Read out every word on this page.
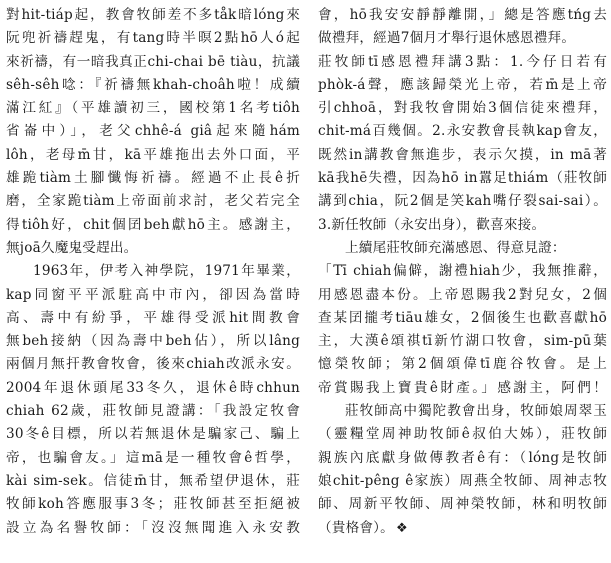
對hit-tiáp起，教會牧師差不多tåk暗lóng來
阮兜祈禱趕鬼，有tang時半暝2點hō人ó起
來祈禱，有一暗我真正chi-chai bē tiàu，抗議
sêh-sêh唸：『祈禱無khah-choâh啦！成續
滿江紅』（平雄讀初三，國校第1名考tiôh
省崙中）」，老父chhê-á giâ起來隨hám
lôh，老母m̄甘，kā平雄拖出去外口面，平
雄跪tiàm土腳懺悔祈禱。經過不止長ê折
磨，全家跪tiàm上帝面前求討，老父若完全
得tiôh好，chit個囝beh獻hō主。感謝主，
無joā久魔鬼受趕出。
1963年，伊考入神學院，1971年畢業，
kap同窗平平派駐高中市內，卻因為當時
高、壽中有紛爭，平雄得受派hit間教會
無beh接納（因為壽中beh佔），所以lâng
兩個月無扞教會牧會，後來chiah改派永安。
2004年退休頭尾33冬久，退休ê時chhun
chiah 62歲，莊牧師見證講：「我設定牧會
30冬ê目標，所以若無退休是騙家己、騙上
帝，也騙會友。」這mā是一種牧會ê哲學，
kài sim-sek。信徒m̄甘，無希望伊退休，莊
牧師koh答應服事3冬；莊牧師甚至拒絕被
設立為名譽牧師：「沒沒無聞進入永安教
會，hō我安安靜靜離開，」總是答應tńg去
做禮拜，經過7個月才舉行退休感恩禮拜。
莊牧師tī感恩禮拜講3點：1.今仔日若有
phòk-á聲，應該歸榮光上帝，若m̄是上帝
引chhoā，對我牧會開始3個信徒來禮拜，
chit-má百幾個。2.永安教會長執kap會友，
既然in講教會無進步，表示欠摸，in mā著
kā我hē失禮，因為hō in囂足thiám（莊牧師
講到chia，阮2個是笑kah嘴仔裂sai-sai）。
3.新任牧師（永安出身），歡喜來接。
上續尾莊牧師充滿感恩、得意見證：
「Tī chiah偏僻，謝禮hiah少，我無推辭，
用感恩盡本份。上帝恩賜我2對兒女，2個
查某囝攏考tiāu雄女，2個後生也歡喜獻hō
主，大漢ê頌祺tī新竹湖口牧會，sim-pū葉
憶榮牧師；第2個頌偉tī鹿谷牧會。是上
帝賞賜我上寶貴ê財產。」感謝主，阿們！
莊牧師高中獨陀教會出身，牧師娘周翠玉
（靈糧堂周神助牧師ê叔伯大姊），莊牧師
親族內底獻身做傳教者ê有：（lóng是牧師
娘chit-pêng ê家族）周燕全牧師、周神志牧
師、周新平牧師、周神榮牧師，林和明牧師
（貴格會）。 ❖
